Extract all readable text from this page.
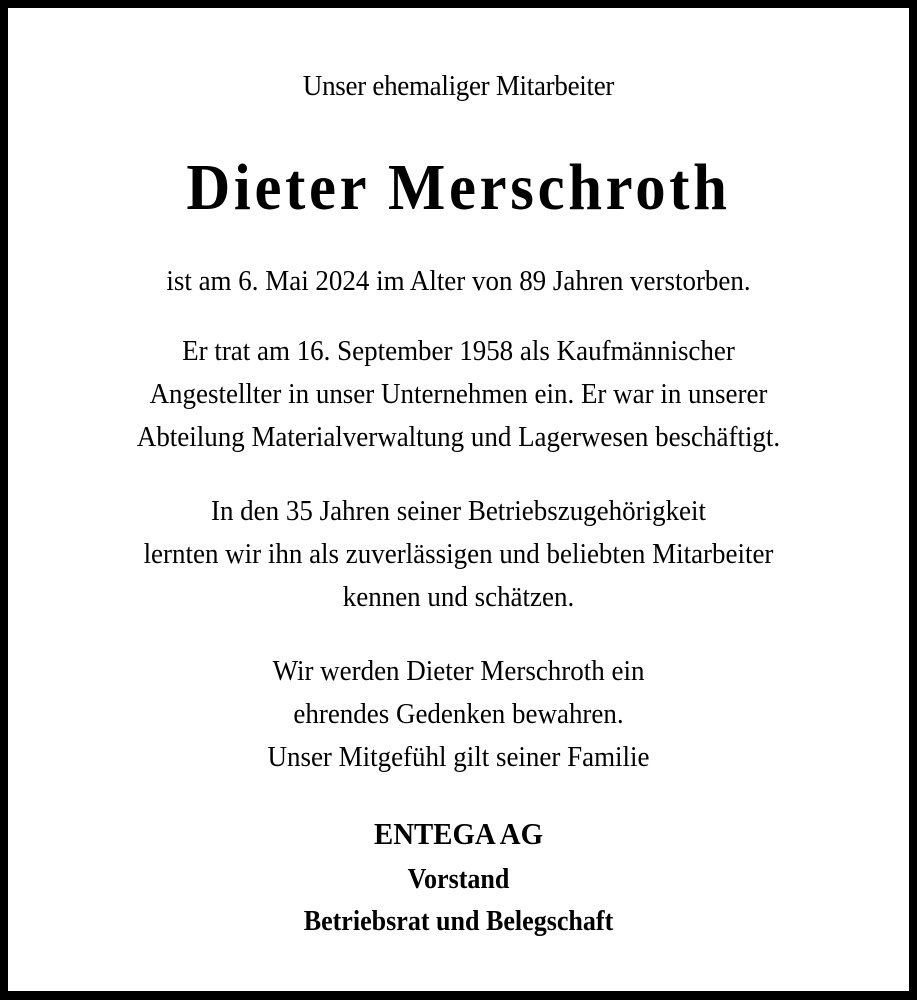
Unser ehemaliger Mitarbeiter
Dieter Merschroth
ist am 6. Mai 2024 im Alter von 89 Jahren verstorben.
Er trat am 16. September 1958 als Kaufmännischer
Angestellter in unser Unternehmen ein. Er war in unserer
Abteilung Materialverwaltung und Lagerwesen beschäftigt.
In den 35 Jahren seiner Betriebszugehörigkeit
lernten wir ihn als zuverlässigen und beliebten Mitarbeiter
kennen und schätzen.
Wir werden Dieter Merschroth ein
ehrendes Gedenken bewahren.
Unser Mitgefühl gilt seiner Familie
ENTEGA AG
Vorstand
Betriebsrat und Belegschaft
